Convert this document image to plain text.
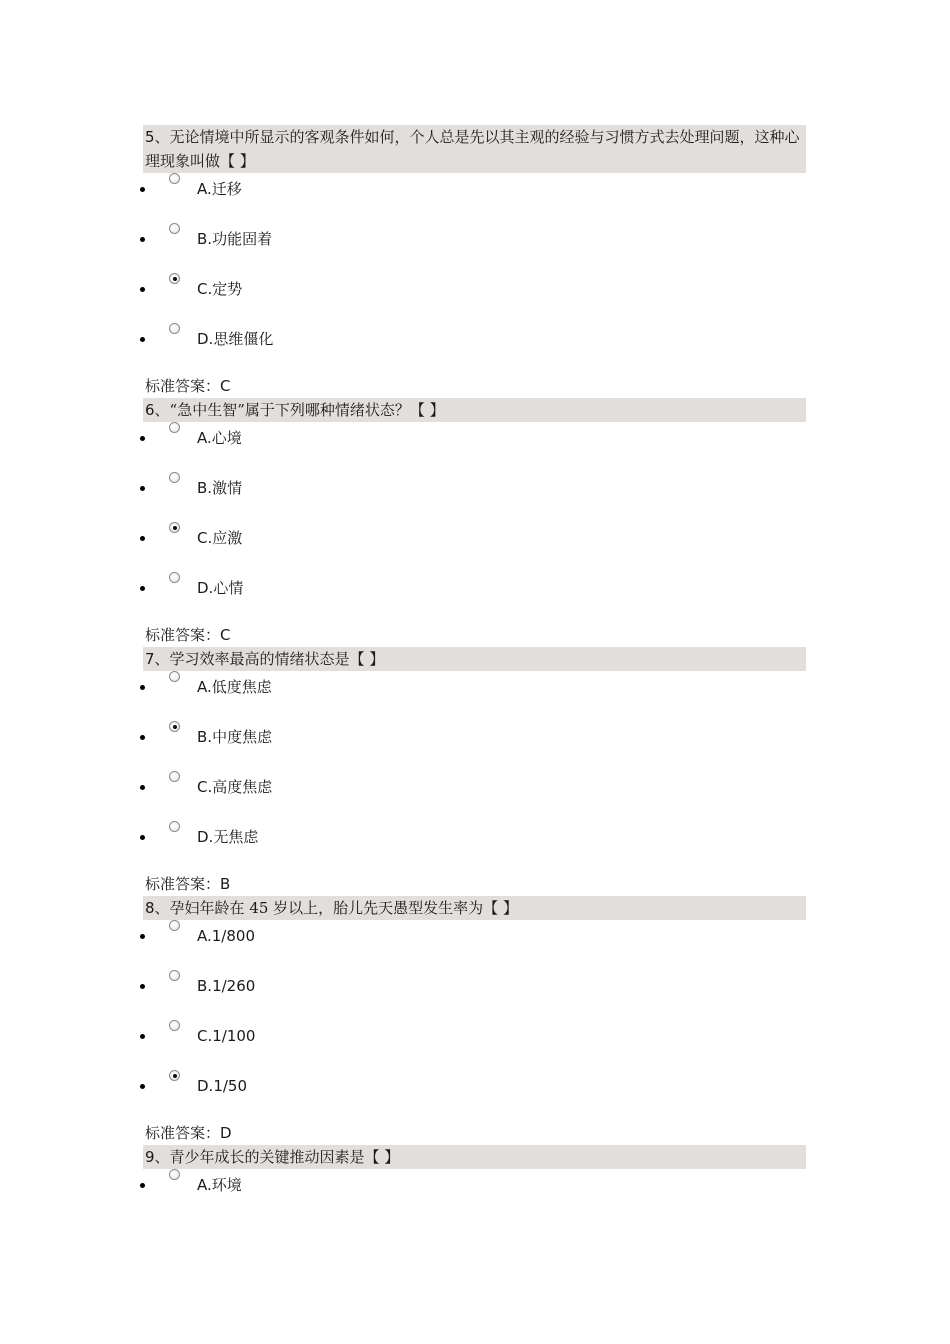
5、无论情境中所显示的客观条件如何，个人总是先以其主观的经验与习惯方式去处理问题，这种心理现象叫做【 】
A.迁移
B.功能固着
C.定势
D.思维僵化
标准答案：C
6、“急中生智”属于下列哪种情绪状态？【 】
A.心境
B.激情
C.应激
D.心情
标准答案：C
7、学习效率最高的情绪状态是【 】
A.低度焦虑
B.中度焦虑
C.高度焦虑
D.无焦虑
标准答案：B
8、孕妇年龄在 45 岁以上，胎儿先天愚型发生率为【 】
A.1/800
B.1/260
C.1/100
D.1/50
标准答案：D
9、青少年成长的关键推动因素是【 】
A.环境
